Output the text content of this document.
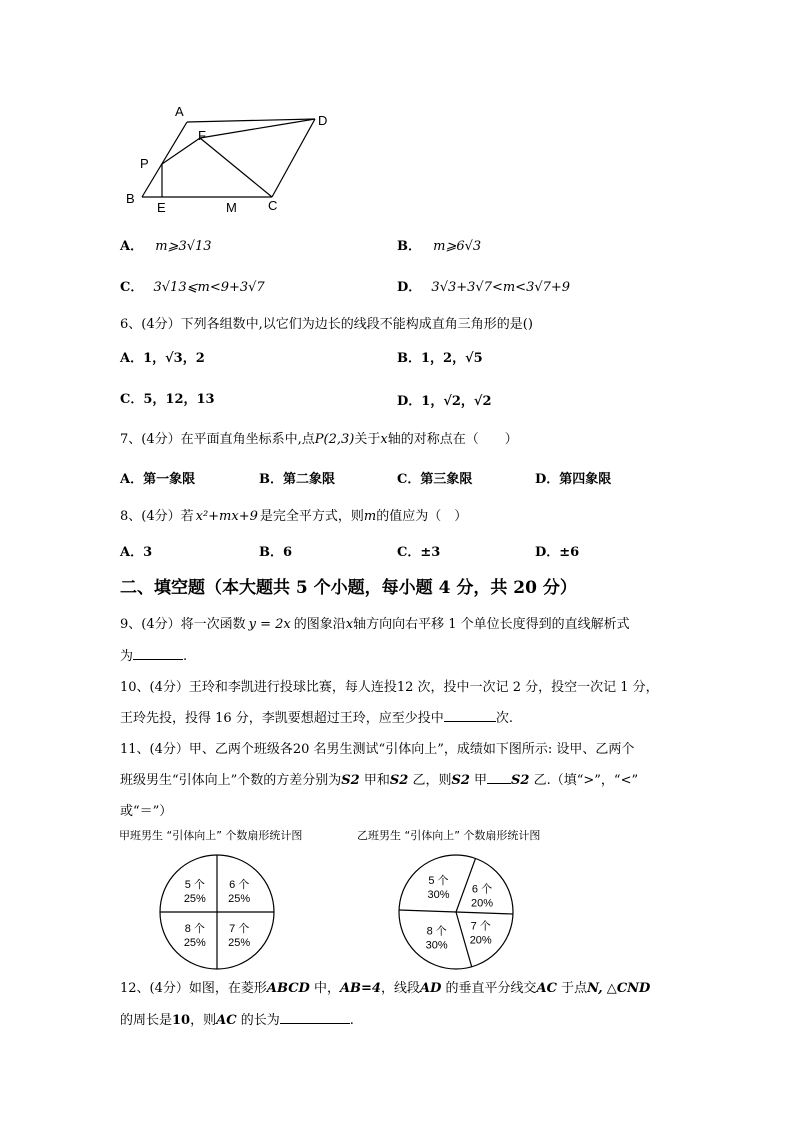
A
F
D
P
B
E	M C
A． m⩾3√13	B． m⩾6√3
C． 3√13⩽m<9+3√7	D． 3√3+3√7<m<3√7+9
6、(4分）下列各组数中,以它们为边长的线段不能构成直角三角形的是()
A．1，√3，2	B．1，2，√5
C．5，12，13	D．1，√2，√2
7、(4分）在平面直角坐标系中,点P(2,3)关于x轴的对称点在（　　）
A．第一象限	B．第二象限	C．第三象限	D．第四象限
8、(4分）若 x²+mx+9 是完全平方式，则m的值应为（　）
A．3	B．6	C．±3	D．±6
二、填空题（本大题共 5 个小题，每小题 4 分，共 20 分）
9、(4分）将一次函数 y = 2x 的图象沿x轴方向向右平移 1 个单位长度得到的直线解析式
为	.
10、(4分）王玲和李凯进行投球比赛，每人连投12 次，投中一次记 2 分，投空一次记 1 分，
王玲先投，投得 16 分，李凯要想超过王玲，应至少投中	次.
11、(4分）甲、乙两个班级各20 名男生测试“引体向上”，成绩如下图所示: 设甲、乙两个
班级男生“引体向上”个数的方差分别为S2 甲和S2 乙，则S2 甲 S2 乙.（填“>”，“<”
或“＝”）
甲班男生 “引体向上” 个数扇形统计图	乙班男生 “引体向上” 个数扇形统计图
6 个
25%
7 个
25%
8 个
25%
5 个
25%
6 个
20%
7 个
20%
8 个
30%
5 个
30%
12、(4分）如图，在菱形ABCD 中，AB=4，线段AD 的垂直平分线交AC 于点N, △CND
的周长是10，则AC 的长为	.
